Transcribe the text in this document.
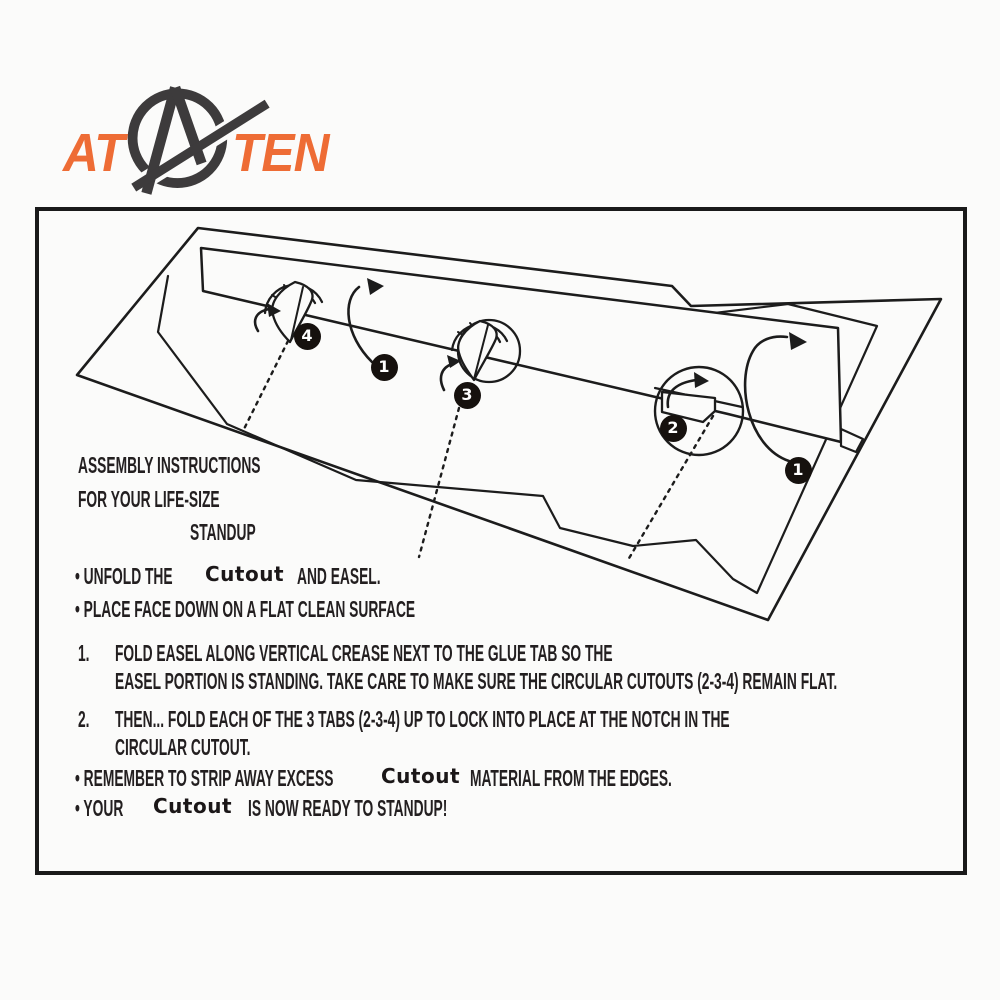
AT TEN
4
1
3
2
1
ASSEMBLY INSTRUCTIONS
FOR YOUR LIFE-SIZE
STANDUP
• UNFOLD THE Cutout AND EASEL.
• PLACE FACE DOWN ON A FLAT CLEAN SURFACE
1. FOLD EASEL ALONG VERTICAL CREASE NEXT TO THE GLUE TAB SO THE
EASEL PORTION IS STANDING. TAKE CARE TO MAKE SURE THE CIRCULAR CUTOUTS (2-3-4) REMAIN FLAT.
2. THEN... FOLD EACH OF THE 3 TABS (2-3-4) UP TO LOCK INTO PLACE AT THE NOTCH IN THE
CIRCULAR CUTOUT.
• REMEMBER TO STRIP AWAY EXCESS Cutout MATERIAL FROM THE EDGES.
• YOUR Cutout IS NOW READY TO STANDUP!
